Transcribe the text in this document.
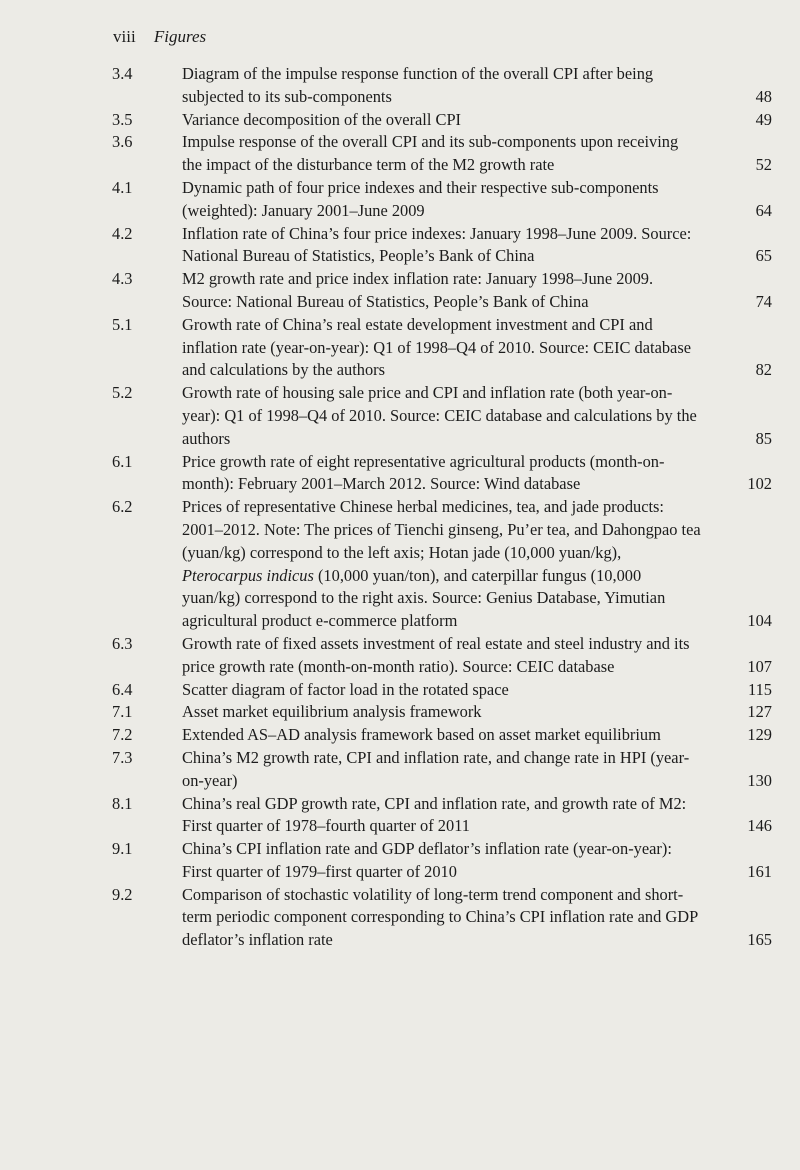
viii Figures
3.4	Diagram of the impulse response function of the overall CPI after being subjected to its sub-components	48
3.5	Variance decomposition of the overall CPI	49
3.6	Impulse response of the overall CPI and its sub-components upon receiving the impact of the disturbance term of the M2 growth rate	52
4.1	Dynamic path of four price indexes and their respective sub-components (weighted): January 2001–June 2009	64
4.2	Inflation rate of China’s four price indexes: January 1998–June 2009. Source: National Bureau of Statistics, People’s Bank of China	65
4.3	M2 growth rate and price index inflation rate: January 1998–June 2009. Source: National Bureau of Statistics, People’s Bank of China	74
5.1	Growth rate of China’s real estate development investment and CPI and inflation rate (year-on-year): Q1 of 1998–Q4 of 2010. Source: CEIC database and calculations by the authors	82
5.2	Growth rate of housing sale price and CPI and inflation rate (both year-on-year): Q1 of 1998–Q4 of 2010. Source: CEIC database and calculations by the authors	85
6.1	Price growth rate of eight representative agricultural products (month-on-month): February 2001–March 2012. Source: Wind database	102
6.2	Prices of representative Chinese herbal medicines, tea, and jade products: 2001–2012. Note: The prices of Tienchi ginseng, Pu’er tea, and Dahongpao tea (yuan/kg) correspond to the left axis; Hotan jade (10,000 yuan/kg), Pterocarpus indicus (10,000 yuan/ton), and caterpillar fungus (10,000 yuan/kg) correspond to the right axis. Source: Genius Database, Yimutian agricultural product e-commerce platform	104
6.3	Growth rate of fixed assets investment of real estate and steel industry and its price growth rate (month-on-month ratio). Source: CEIC database	107
6.4	Scatter diagram of factor load in the rotated space	115
7.1	Asset market equilibrium analysis framework	127
7.2	Extended AS–AD analysis framework based on asset market equilibrium	129
7.3	China’s M2 growth rate, CPI and inflation rate, and change rate in HPI (year-on-year)	130
8.1	China’s real GDP growth rate, CPI and inflation rate, and growth rate of M2: First quarter of 1978–fourth quarter of 2011	146
9.1	China’s CPI inflation rate and GDP deflator’s inflation rate (year-on-year): First quarter of 1979–first quarter of 2010	161
9.2	Comparison of stochastic volatility of long-term trend component and short-term periodic component corresponding to China’s CPI inflation rate and GDP deflator’s inflation rate	165
